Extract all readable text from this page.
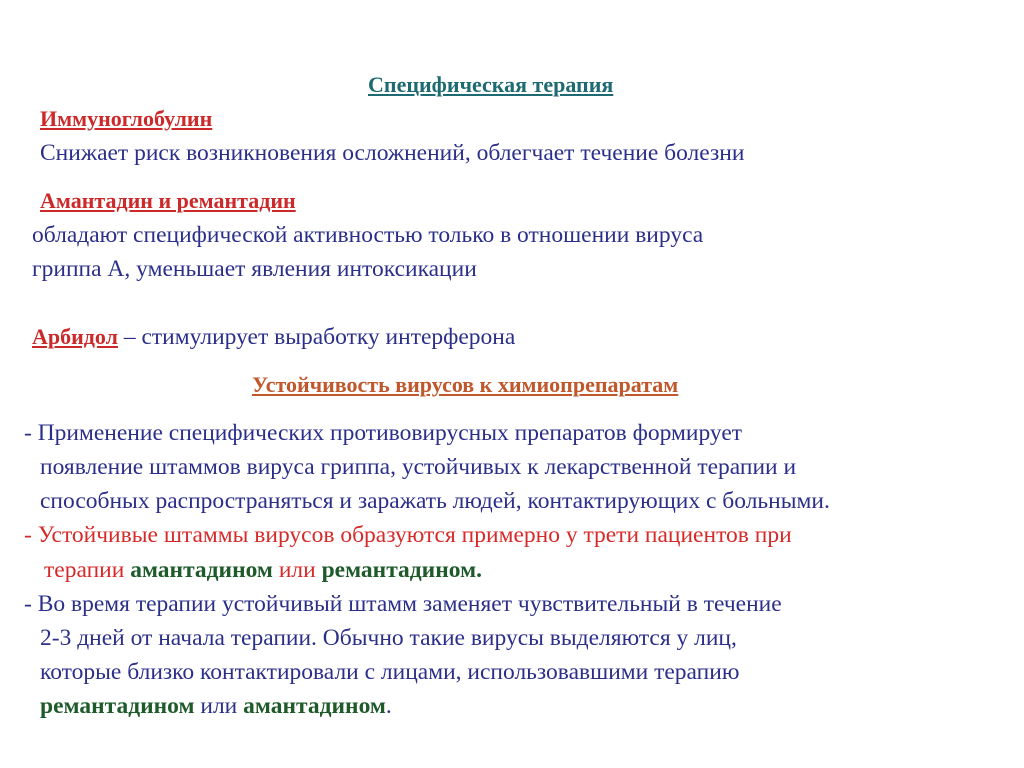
Специфическая терапия
Иммуноглобулин
Снижает риск возникновения осложнений, облегчает течение болезни
Амантадин и ремантадин
обладают специфической активностью только в отношении вируса
гриппа А, уменьшает явления интоксикации
Арбидол – стимулирует выработку интерферона
Устойчивость вирусов к химиопрепаратам
- Применение специфических противовирусных препаратов формирует
появление штаммов вируса гриппа, устойчивых к лекарственной терапии и
способных распространяться и заражать людей, контактирующих с больными.
- Устойчивые штаммы вирусов образуются примерно у трети пациентов при
терапии амантадином или ремантадином.
- Во время терапии устойчивый штамм заменяет чувствительный в течение
2-3 дней от начала терапии. Обычно такие вирусы выделяются у лиц,
которые близко контактировали с лицами, использовавшими терапию
ремантадином или амантадином.
